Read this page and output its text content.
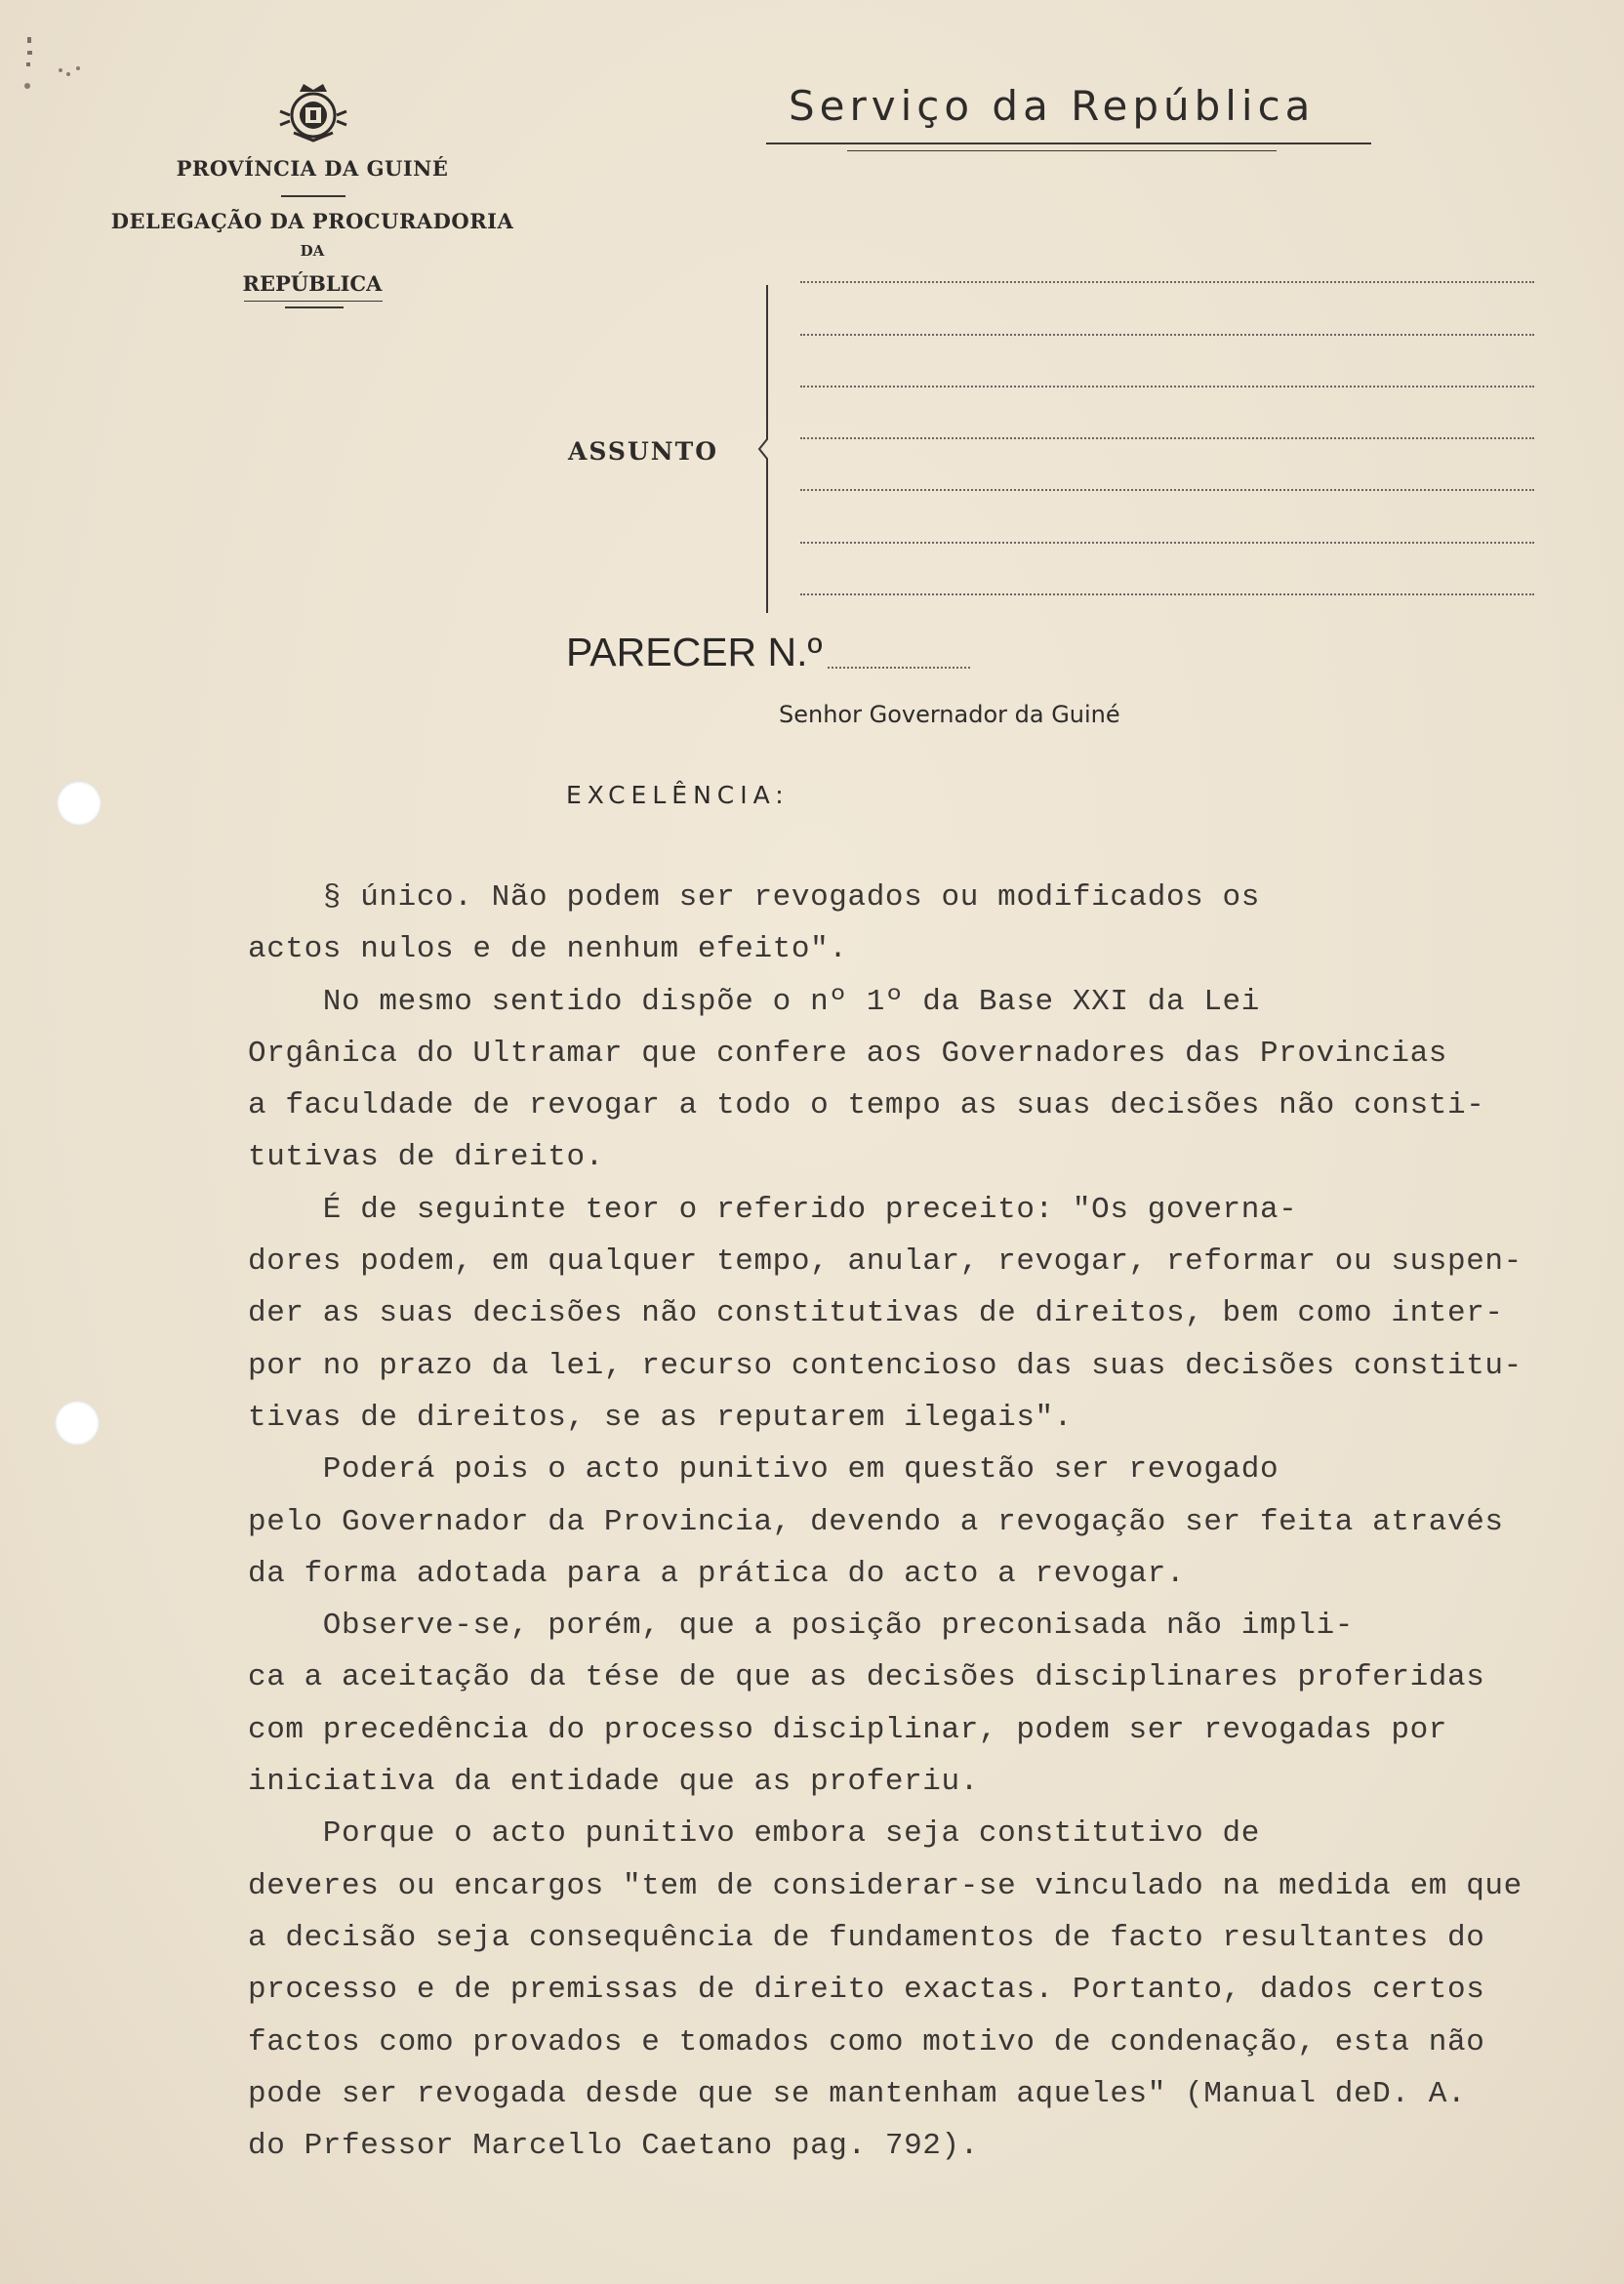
PROVÍNCIA DA GUINÉ
DELEGAÇÃO DA PROCURADORIA
DA
REPÚBLICA
Serviço da República
ASSUNTO
PARECER N.º
Senhor Governador da Guiné
EXCELÊNCIA:
§ único. Não podem ser revogados ou modificados os
actos nulos e de nenhum efeito".
No mesmo sentido dispõe o nº 1º da Base XXI da Lei
Orgânica do Ultramar que confere aos Governadores das Provincias
a faculdade de revogar a todo o tempo as suas decisões não consti-
tutivas de direito.
É de seguinte teor o referido preceito: "Os governa-
dores podem, em qualquer tempo, anular, revogar, reformar ou suspen-
der as suas decisões não constitutivas de direitos, bem como inter-
por no prazo da lei, recurso contencioso das suas decisões constitu-
tivas de direitos, se as reputarem ilegais".
Poderá pois o acto punitivo em questão ser revogado
pelo Governador da Provincia, devendo a revogação ser feita através
da forma adotada para a prática do acto a revogar.
Observe-se, porém, que a posição preconisada não impli-
ca a aceitação da tése de que as decisões disciplinares proferidas
com precedência do processo disciplinar, podem ser revogadas por
iniciativa da entidade que as proferiu.
Porque o acto punitivo embora seja constitutivo de
deveres ou encargos "tem de considerar-se vinculado na medida em que
a decisão seja consequência de fundamentos de facto resultantes do
processo e de premissas de direito exactas. Portanto, dados certos
factos como provados e tomados como motivo de condenação, esta não
pode ser revogada desde que se mantenham aqueles" (Manual deD. A.
do Prfessor Marcello Caetano pag. 792).
